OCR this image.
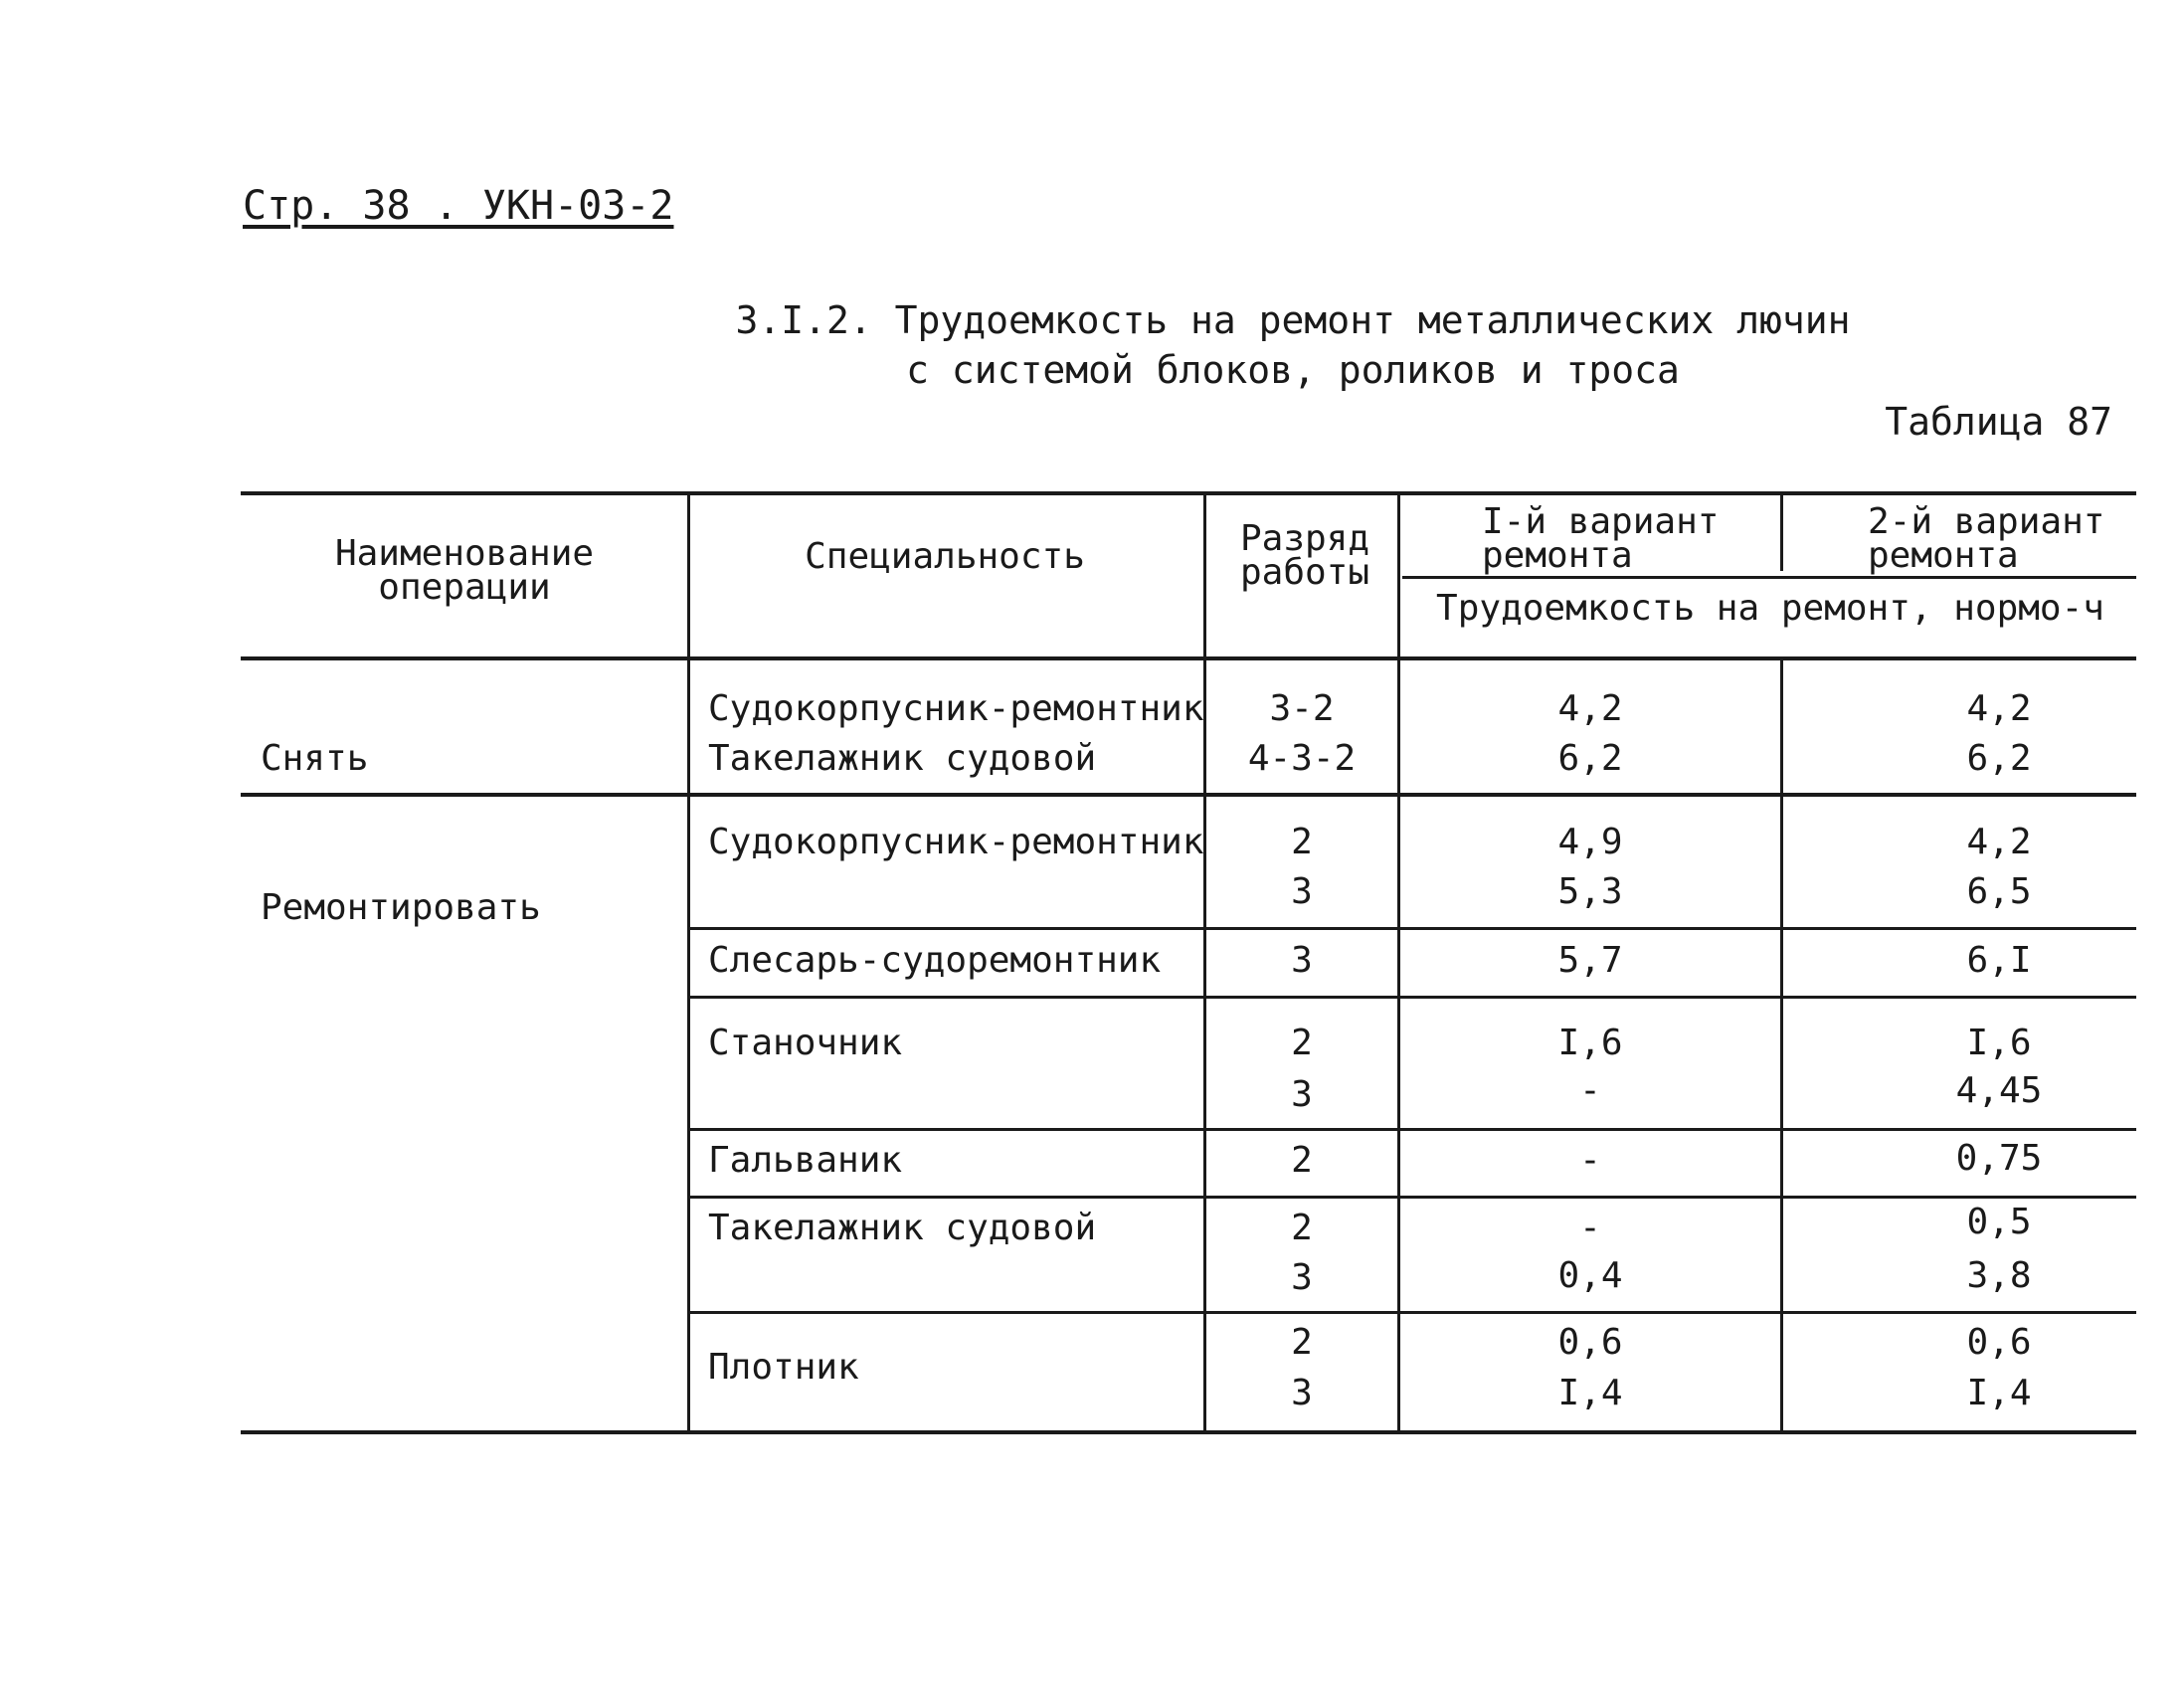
Стр. 38 . УКН-03-2
3.I.2. Трудоемкость на ремонт металлических лючин
с системой блоков, роликов и троса
Таблица 87
Наименование операции
Специальность	Разряд работы
I-й вариант ремонта
2-й вариант ремонта
Трудоемкость на ремонт, нормо-ч
Снять
Судокорпусник-ремонтник	3-2	4,2	4,2
Такелажник судовой	4-3-2	6,2	6,2
Ремонтировать
Судокорпусник-ремонтник	2	4,9	4,2
3	5,3	6,5
Слесарь-судоремонтник	3	5,7	6,I
Станочник	2	I,6	I,6
3	-	4,45
Гальваник	2	-	0,75
Такелажник судовой	2	-	0,5
3	0,4	3,8
Плотник
2	0,6	0,6
3	I,4	I,4
